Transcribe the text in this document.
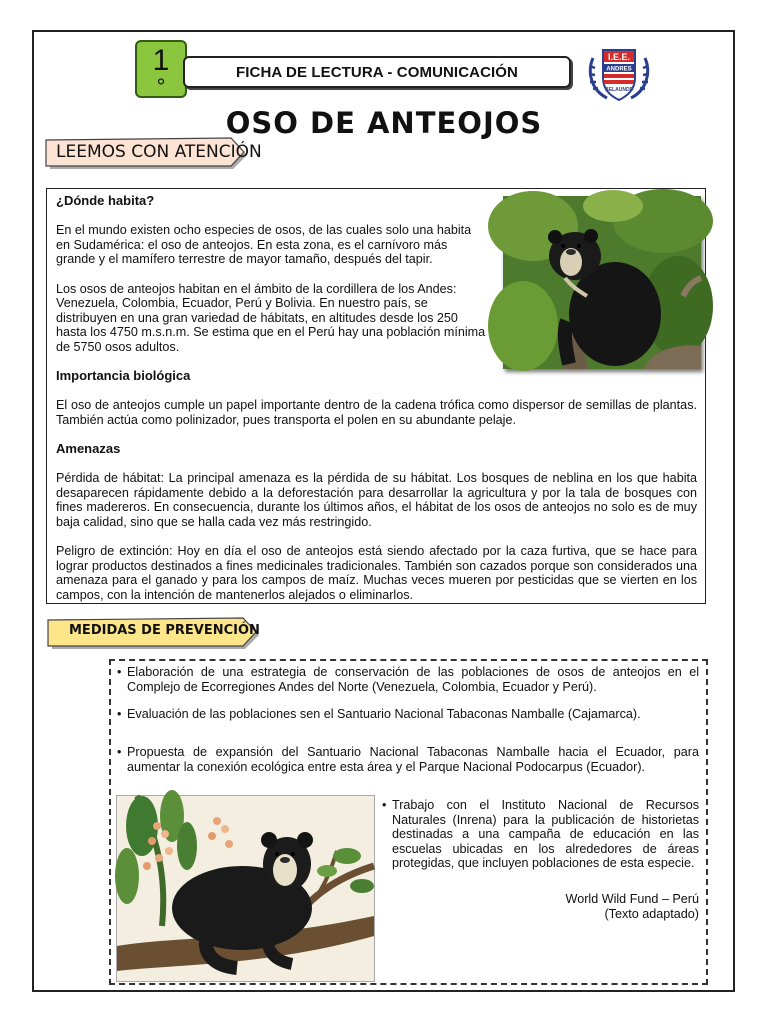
1
°
FICHA DE LECTURA - COMUNICACIÓN
I.E.E.
ANDRES
BELAUNDE
OSO DE ANTEOJOS
LEEMOS CON ATENCIÓN

¿Dónde habita?

En el mundo existen ocho especies de osos, de las cuales solo una habita en Sudamérica: el oso de anteojos. En esta zona, es el carnívoro más grande y el mamífero terrestre de mayor tamaño, después del tapir.

Los osos de anteojos habitan en el ámbito de la cordillera de los Andes: Venezuela, Colombia, Ecuador, Perú y Bolivia. En nuestro país, se distribuyen en una gran variedad de hábitats, en altitudes desde los 250 hasta los 4750 m.s.n.m. Se estima que en el Perú hay una población mínima de 5750 osos adultos.

Importancia biológica

El oso de anteojos cumple un papel importante dentro de la cadena trófica como dispersor de semillas de plantas. También actúa como polinizador, pues transporta el polen en su abundante pelaje.

Amenazas

Pérdida de hábitat: La principal amenaza es la pérdida de su hábitat. Los bosques de neblina en los que habita desaparecen rápidamente debido a la deforestación para desarrollar la agricultura y por la tala de bosques con fines madereros. En consecuencia, durante los últimos años, el hábitat de los osos de anteojos no solo es de muy baja calidad, sino que se halla cada vez más restringido.

Peligro de extinción: Hoy en día el oso de anteojos está siendo afectado por la caza furtiva, que se hace para lograr productos destinados a fines medicinales tradicionales. También son cazados porque son considerados una amenaza para el ganado y para los campos de maíz. Muchas veces mueren por pesticidas que se vierten en los campos, con la intención de mantenerlos alejados o eliminarlos.

MEDIDAS DE PREVENCIÓN
• Elaboración de una estrategia de conservación de las poblaciones de osos de anteojos en el Complejo de Ecorregiones Andes del Norte (Venezuela, Colombia, Ecuador y Perú).
• Evaluación de las poblaciones sen el Santuario Nacional Tabaconas Namballe (Cajamarca).
• Propuesta de expansión del Santuario Nacional Tabaconas Namballe hacia el Ecuador, para aumentar la conexión ecológica entre esta área y el Parque Nacional Podocarpus (Ecuador).
• Trabajo con el Instituto Nacional de Recursos Naturales (Inrena) para la publicación de historietas destinadas a una campaña de educación en las escuelas ubicadas en los alrededores de áreas protegidas, que incluyen poblaciones de esta especie.
World Wild Fund – Perú
(Texto adaptado)
